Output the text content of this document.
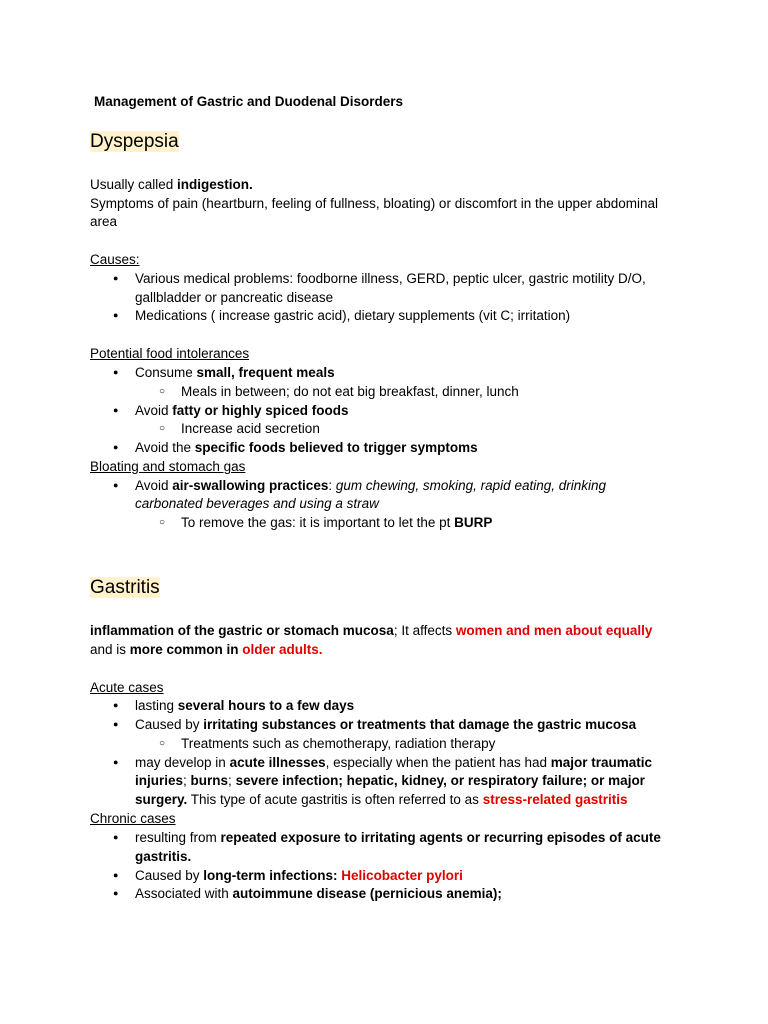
Management of Gastric and Duodenal Disorders
Dyspepsia
Usually called indigestion.
Symptoms of pain (heartburn, feeling of fullness, bloating) or discomfort in the upper abdominal
area
Causes:
● Various medical problems: foodborne illness, GERD, peptic ulcer, gastric motility D/O,
gallbladder or pancreatic disease
● Medications ( increase gastric acid), dietary supplements (vit C; irritation)
Potential food intolerances
● Consume small, frequent meals
○ Meals in between; do not eat big breakfast, dinner, lunch
● Avoid fatty or highly spiced foods
○ Increase acid secretion
● Avoid the specific foods believed to trigger symptoms
Bloating and stomach gas
● Avoid air-swallowing practices: gum chewing, smoking, rapid eating, drinking
carbonated beverages and using a straw
○ To remove the gas: it is important to let the pt BURP
Gastritis
inflammation of the gastric or stomach mucosa; It affects women and men about equally
and is more common in older adults.
Acute cases
● lasting several hours to a few days
● Caused by irritating substances or treatments that damage the gastric mucosa
○ Treatments such as chemotherapy, radiation therapy
● may develop in acute illnesses, especially when the patient has had major traumatic
injuries; burns; severe infection; hepatic, kidney, or respiratory failure; or major
surgery. This type of acute gastritis is often referred to as stress-related gastritis
Chronic cases
● resulting from repeated exposure to irritating agents or recurring episodes of acute
gastritis.
● Caused by long-term infections: Helicobacter pylori
● Associated with autoimmune disease (pernicious anemia);
